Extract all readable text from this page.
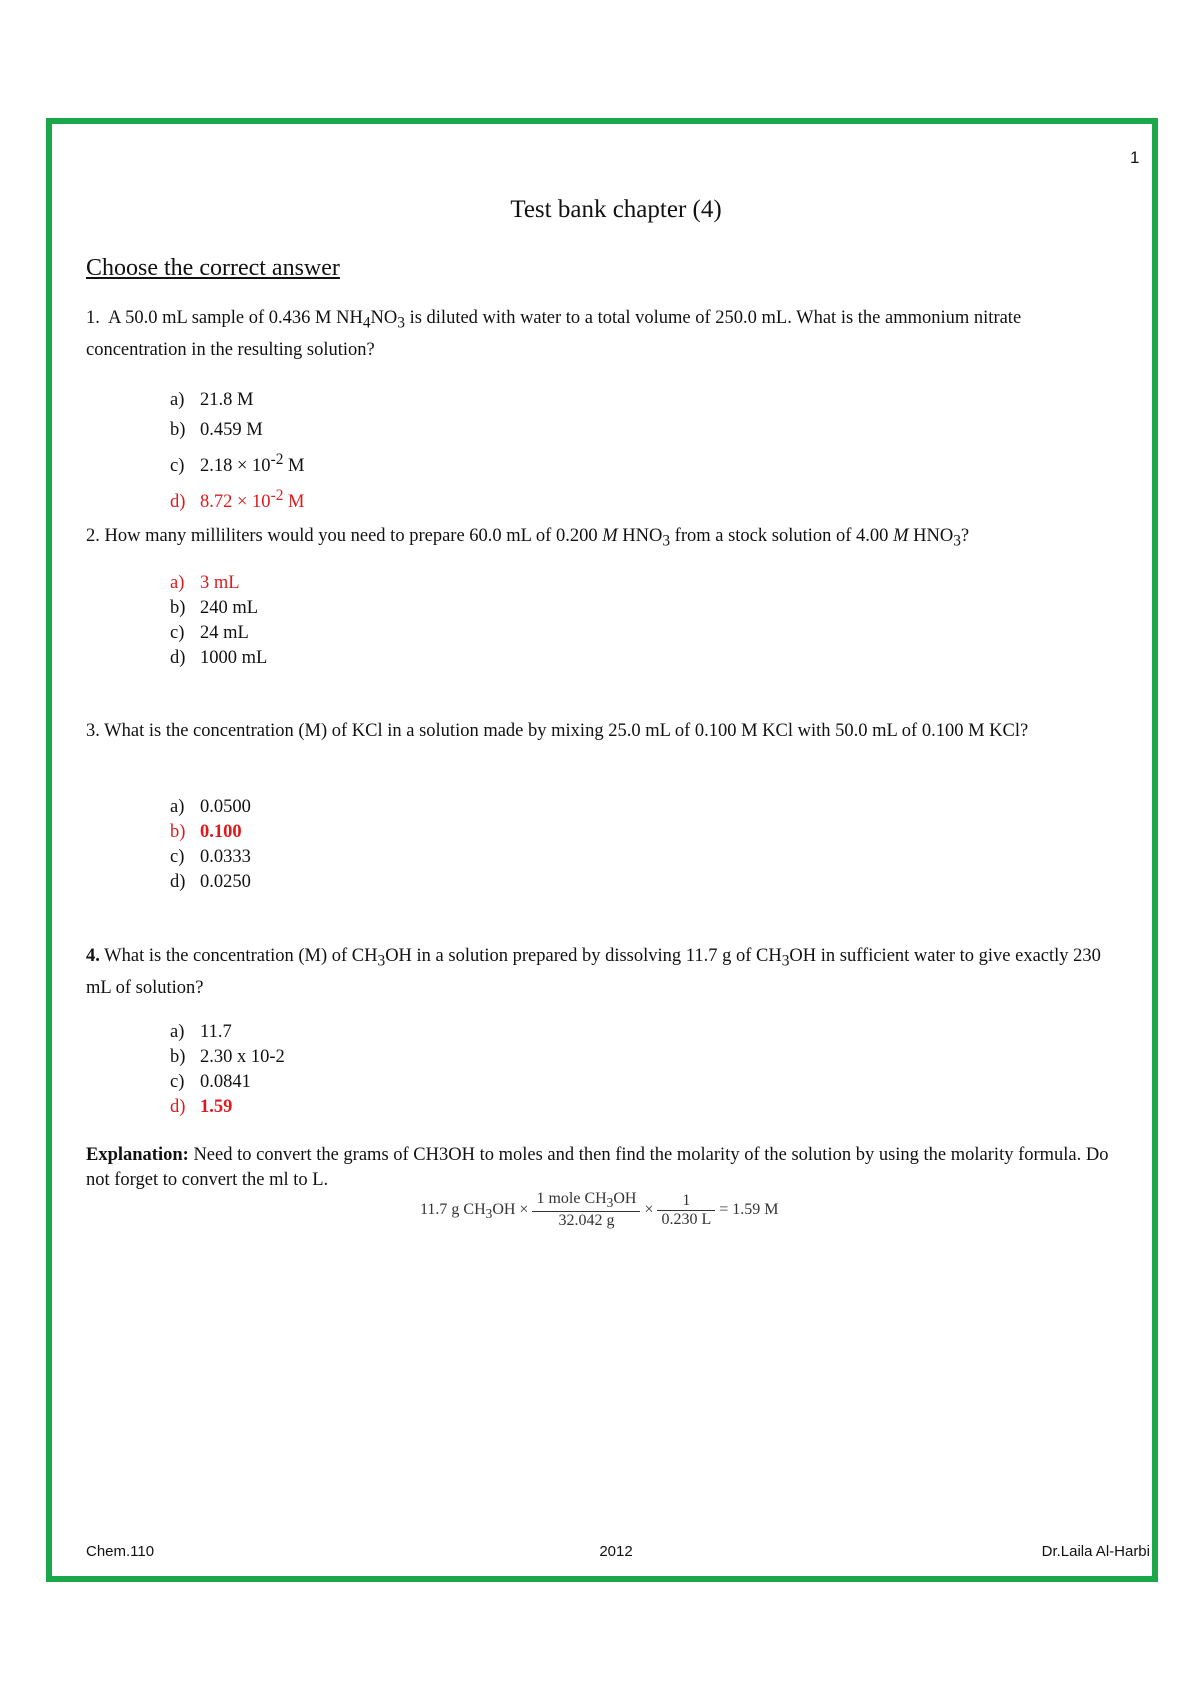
1
Test bank chapter (4)
Choose the correct answer
1. A 50.0 mL sample of 0.436 M $NH_4NO_3$ is diluted with water to a total volume of 250.0 mL. What is the ammonium nitrate concentration in the resulting solution?
a) 21.8 M
b) 0.459 M
c) $2.18 \times 10^{-2}$ M
d) $8.72 \times 10^{-2}$ M
2. How many milliliters would you need to prepare 60.0 mL of 0.200 M $HNO_3$ from a stock solution of 4.00 M $HNO_3$?
a) 3 mL
b) 240 mL
c) 24 mL
d) 1000 mL
3. What is the concentration (M) of KCl in a solution made by mixing 25.0 mL of 0.100 M KCl with 50.0 mL of 0.100 M KCl?
a) 0.0500
b) 0.100
c) 0.0333
d) 0.0250
4. What is the concentration (M) of $CH_3OH$ in a solution prepared by dissolving 11.7 g of $CH_3OH$ in sufficient water to give exactly 230 mL of solution?
a) 11.7
b) 2.30 x 10-2
c) 0.0841
d) 1.59
Explanation: Need to convert the grams of CH3OH to moles and then find the molarity of the solution by using the molarity formula. Do not forget to convert the ml to L.
11.7 g $CH_3OH \times \frac{1 mole CH_3OH}{32.042 g} \times \frac{1}{0.230 L} = 1.59$ M
Chem.110	2012	Dr.Laila Al-Harbi
